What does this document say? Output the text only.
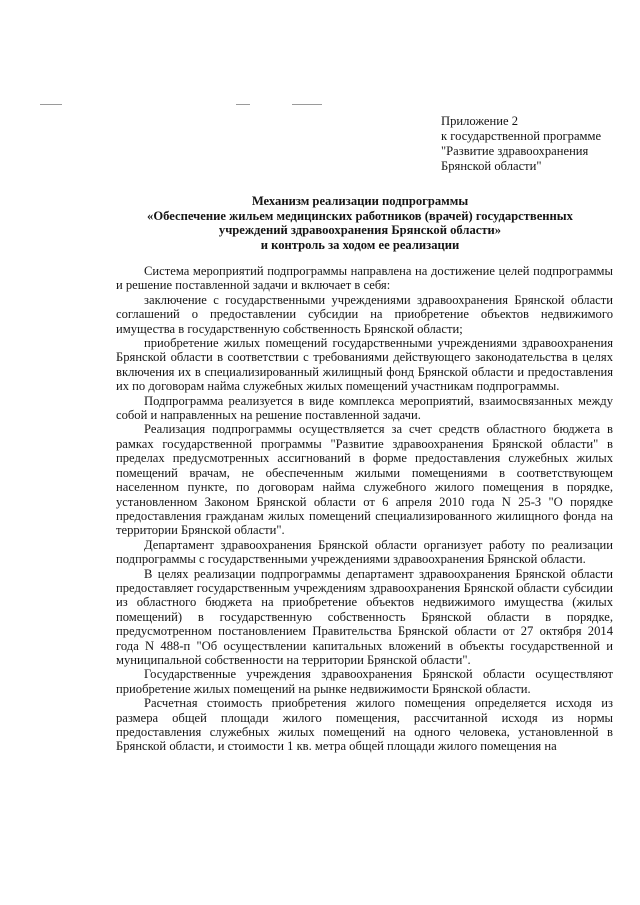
Приложение 2
к государственной программе
"Развитие здравоохранения
Брянской области"
Механизм реализации подпрограммы
«Обеспечение жильем медицинских работников (врачей) государственных
учреждений здравоохранения Брянской области»
и контроль за ходом ее реализации

Система мероприятий подпрограммы направлена на достижение целей подпрограммы и решение поставленной задачи и включает в себя:

заключение с государственными учреждениями здравоохранения Брянской области соглашений о предоставлении субсидии на приобретение объектов недвижимого имущества в государственную собственность Брянской области;

приобретение жилых помещений государственными учреждениями здравоохранения Брянской области в соответствии с требованиями действующего законодательства в целях включения их в специализированный жилищный фонд Брянской области и предоставления их по договорам найма служебных жилых помещений участникам подпрограммы.

Подпрограмма реализуется в виде комплекса мероприятий, взаимосвязанных между собой и направленных на решение поставленной задачи.

Реализация подпрограммы осуществляется за счет средств областного бюджета в рамках государственной программы "Развитие здравоохранения Брянской области" в пределах предусмотренных ассигнований в форме предоставления служебных жилых помещений врачам, не обеспеченным жилыми помещениями в соответствующем населенном пункте, по договорам найма служебного жилого помещения в порядке, установленном Законом Брянской области от 6 апреля 2010 года N 25-З "О порядке предоставления гражданам жилых помещений специализированного жилищного фонда на территории Брянской области".

Департамент здравоохранения Брянской области организует работу по реализации подпрограммы с государственными учреждениями здравоохранения Брянской области.

В целях реализации подпрограммы департамент здравоохранения Брянской области предоставляет государственным учреждениям здравоохранения Брянской области субсидии из областного бюджета на приобретение объектов недвижимого имущества (жилых помещений) в государственную собственность Брянской области в порядке, предусмотренном постановлением Правительства Брянской области от 27 октября 2014 года N 488-п "Об осуществлении капитальных вложений в объекты государственной и муниципальной собственности на территории Брянской области".

Государственные учреждения здравоохранения Брянской области осуществляют приобретение жилых помещений на рынке недвижимости Брянской области.

Расчетная стоимость приобретения жилого помещения определяется исходя из размера общей площади жилого помещения, рассчитанной исходя из нормы предоставления служебных жилых помещений на одного человека, установленной в Брянской области, и стоимости 1 кв. метра общей площади жилого помещения на
